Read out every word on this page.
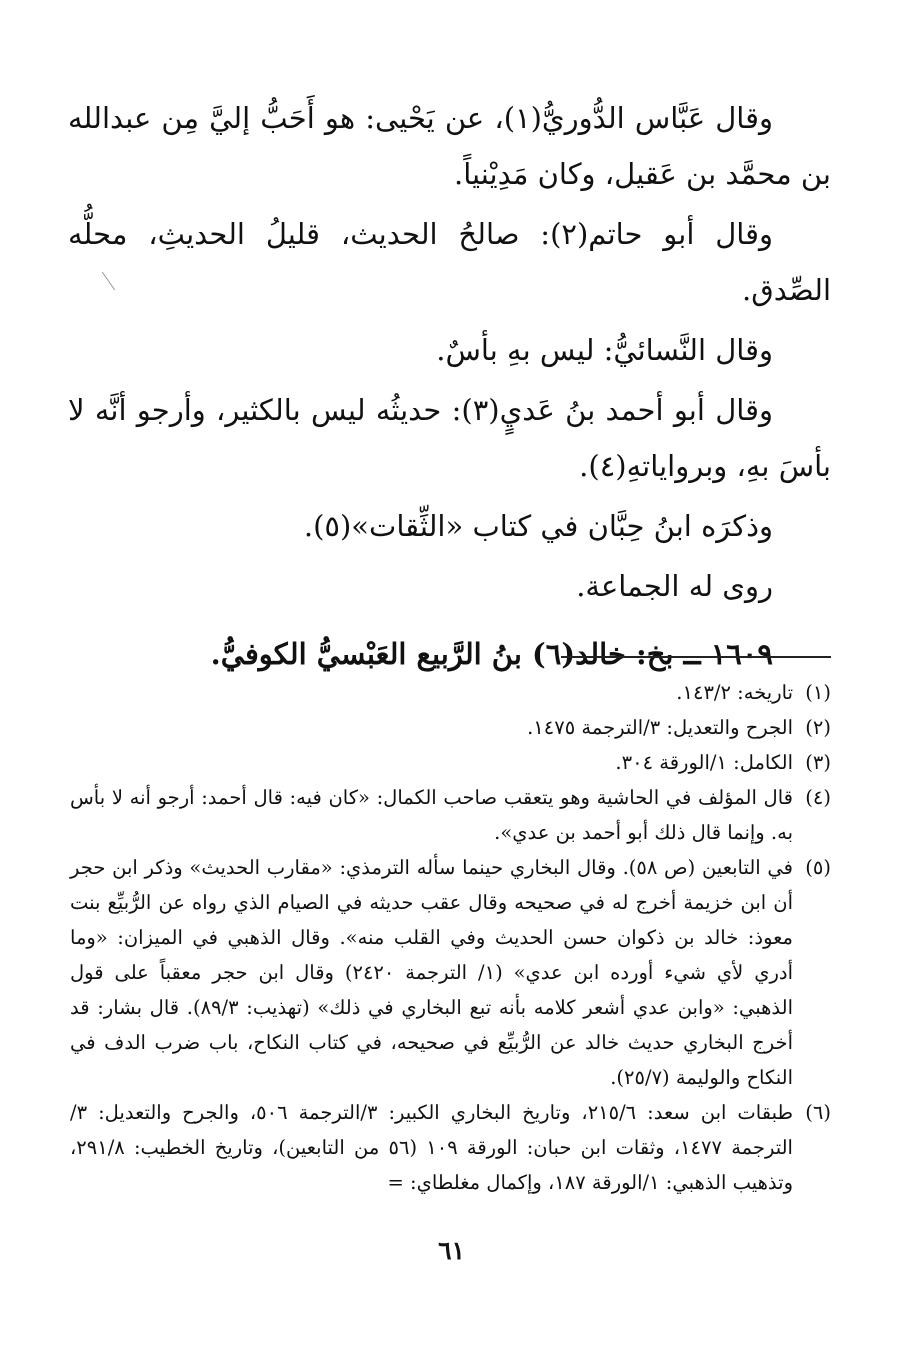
وقال عَبَّاس الدُّوريُّ(١)، عن يَحْيى: هو أَحَبُّ إليَّ مِن عبدالله بن محمَّد بن عَقيل، وكان مَدِيْنياً.

وقال أبو حاتم(٢): صالحُ الحديث، قليلُ الحديثِ، محلُّه الصِّدق.

وقال النَّسائيُّ: ليس بهِ بأسٌ.

وقال أبو أحمد بنُ عَديٍ(٣): حديثُه ليس بالكثير، وأرجو أنَّه لا بأسَ بهِ، وبرواياتهِ(٤).

وذكرَه ابنُ حِبَّان في كتاب «الثِّقات»(٥).

روى له الجماعة.

١٦٠٩ ــ بخ: خالد(٦) بنُ الرَّبيع العَبْسيُّ الكوفيُّ.

(١)
تاريخه: ١٤٣/٢.
(٢)
الجرح والتعديل: ٣/الترجمة ١٤٧٥.
(٣)
الكامل: ١/الورقة ٣٠٤.
(٤)
قال المؤلف في الحاشية وهو يتعقب صاحب الكمال: «كان فيه: قال أحمد: أرجو أنه لا بأس به. وإنما قال ذلك أبو أحمد بن عدي».
(٥)
في التابعين (ص ٥٨). وقال البخاري حينما سأله الترمذي: «مقارب الحديث» وذكر ابن حجر أن ابن خزيمة أخرج له في صحيحه وقال عقب حديثه في الصيام الذي رواه عن الرُّبيِّع بنت معوذ: خالد بن ذكوان حسن الحديث وفي القلب منه». وقال الذهبي في الميزان: «وما أدري لأي شيء أورده ابن عدي» (١/ الترجمة ٢٤٢٠) وقال ابن حجر معقباً على قول الذهبي: «وابن عدي أشعر كلامه بأنه تبع البخاري في ذلك» (تهذيب: ٨٩/٣). قال بشار: قد أخرج البخاري حديث خالد عن الرُّبيِّع في صحيحه، في كتاب النكاح، باب ضرب الدف في النكاح والوليمة (٢٥/٧).
(٦)
طبقات ابن سعد: ٢١٥/٦، وتاريخ البخاري الكبير: ٣/الترجمة ٥٠٦، والجرح والتعديل: ٣/ الترجمة ١٤٧٧، وثقات ابن حبان: الورقة ١٠٩ (٥٦ من التابعين)، وتاريخ الخطيب: ٢٩١/٨، وتذهيب الذهبي: ١/الورقة ١٨٧، وإكمال مغلطاي: =
٦١
